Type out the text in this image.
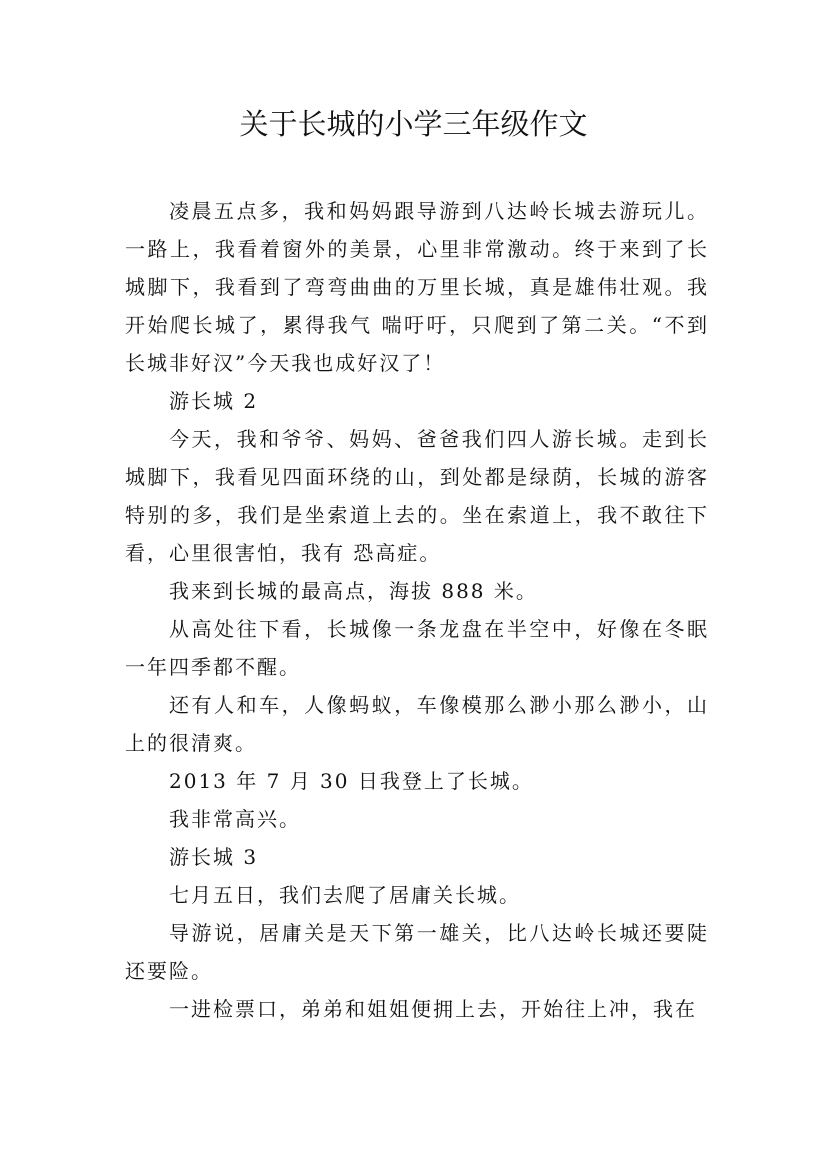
关于长城的小学三年级作文

凌晨五点多，我和妈妈跟导游到八达岭长城去游玩儿。一路上，我看着窗外的美景，心里非常激动。终于来到了长城脚下，我看到了弯弯曲曲的万里长城，真是雄伟壮观。我开始爬长城了，累得我气 喘吁吁，只爬到了第二关。“不到长城非好汉”今天我也成好汉了！

游长城 2

今天，我和爷爷、妈妈、爸爸我们四人游长城。走到长城脚下，我看见四面环绕的山，到处都是绿荫，长城的游客特别的多，我们是坐索道上去的。坐在索道上，我不敢往下看，心里很害怕，我有 恐高症。

我来到长城的最高点，海拔 888 米。

从高处往下看，长城像一条龙盘在半空中，好像在冬眠一年四季都不醒。

还有人和车，人像蚂蚁，车像模那么渺小那么渺小，山上的很清爽。

2013 年 7 月 30 日我登上了长城。

我非常高兴。

游长城 3

七月五日，我们去爬了居庸关长城。

导游说，居庸关是天下第一雄关，比八达岭长城还要陡还要险。

一进检票口，弟弟和姐姐便拥上去，开始往上冲，我在
